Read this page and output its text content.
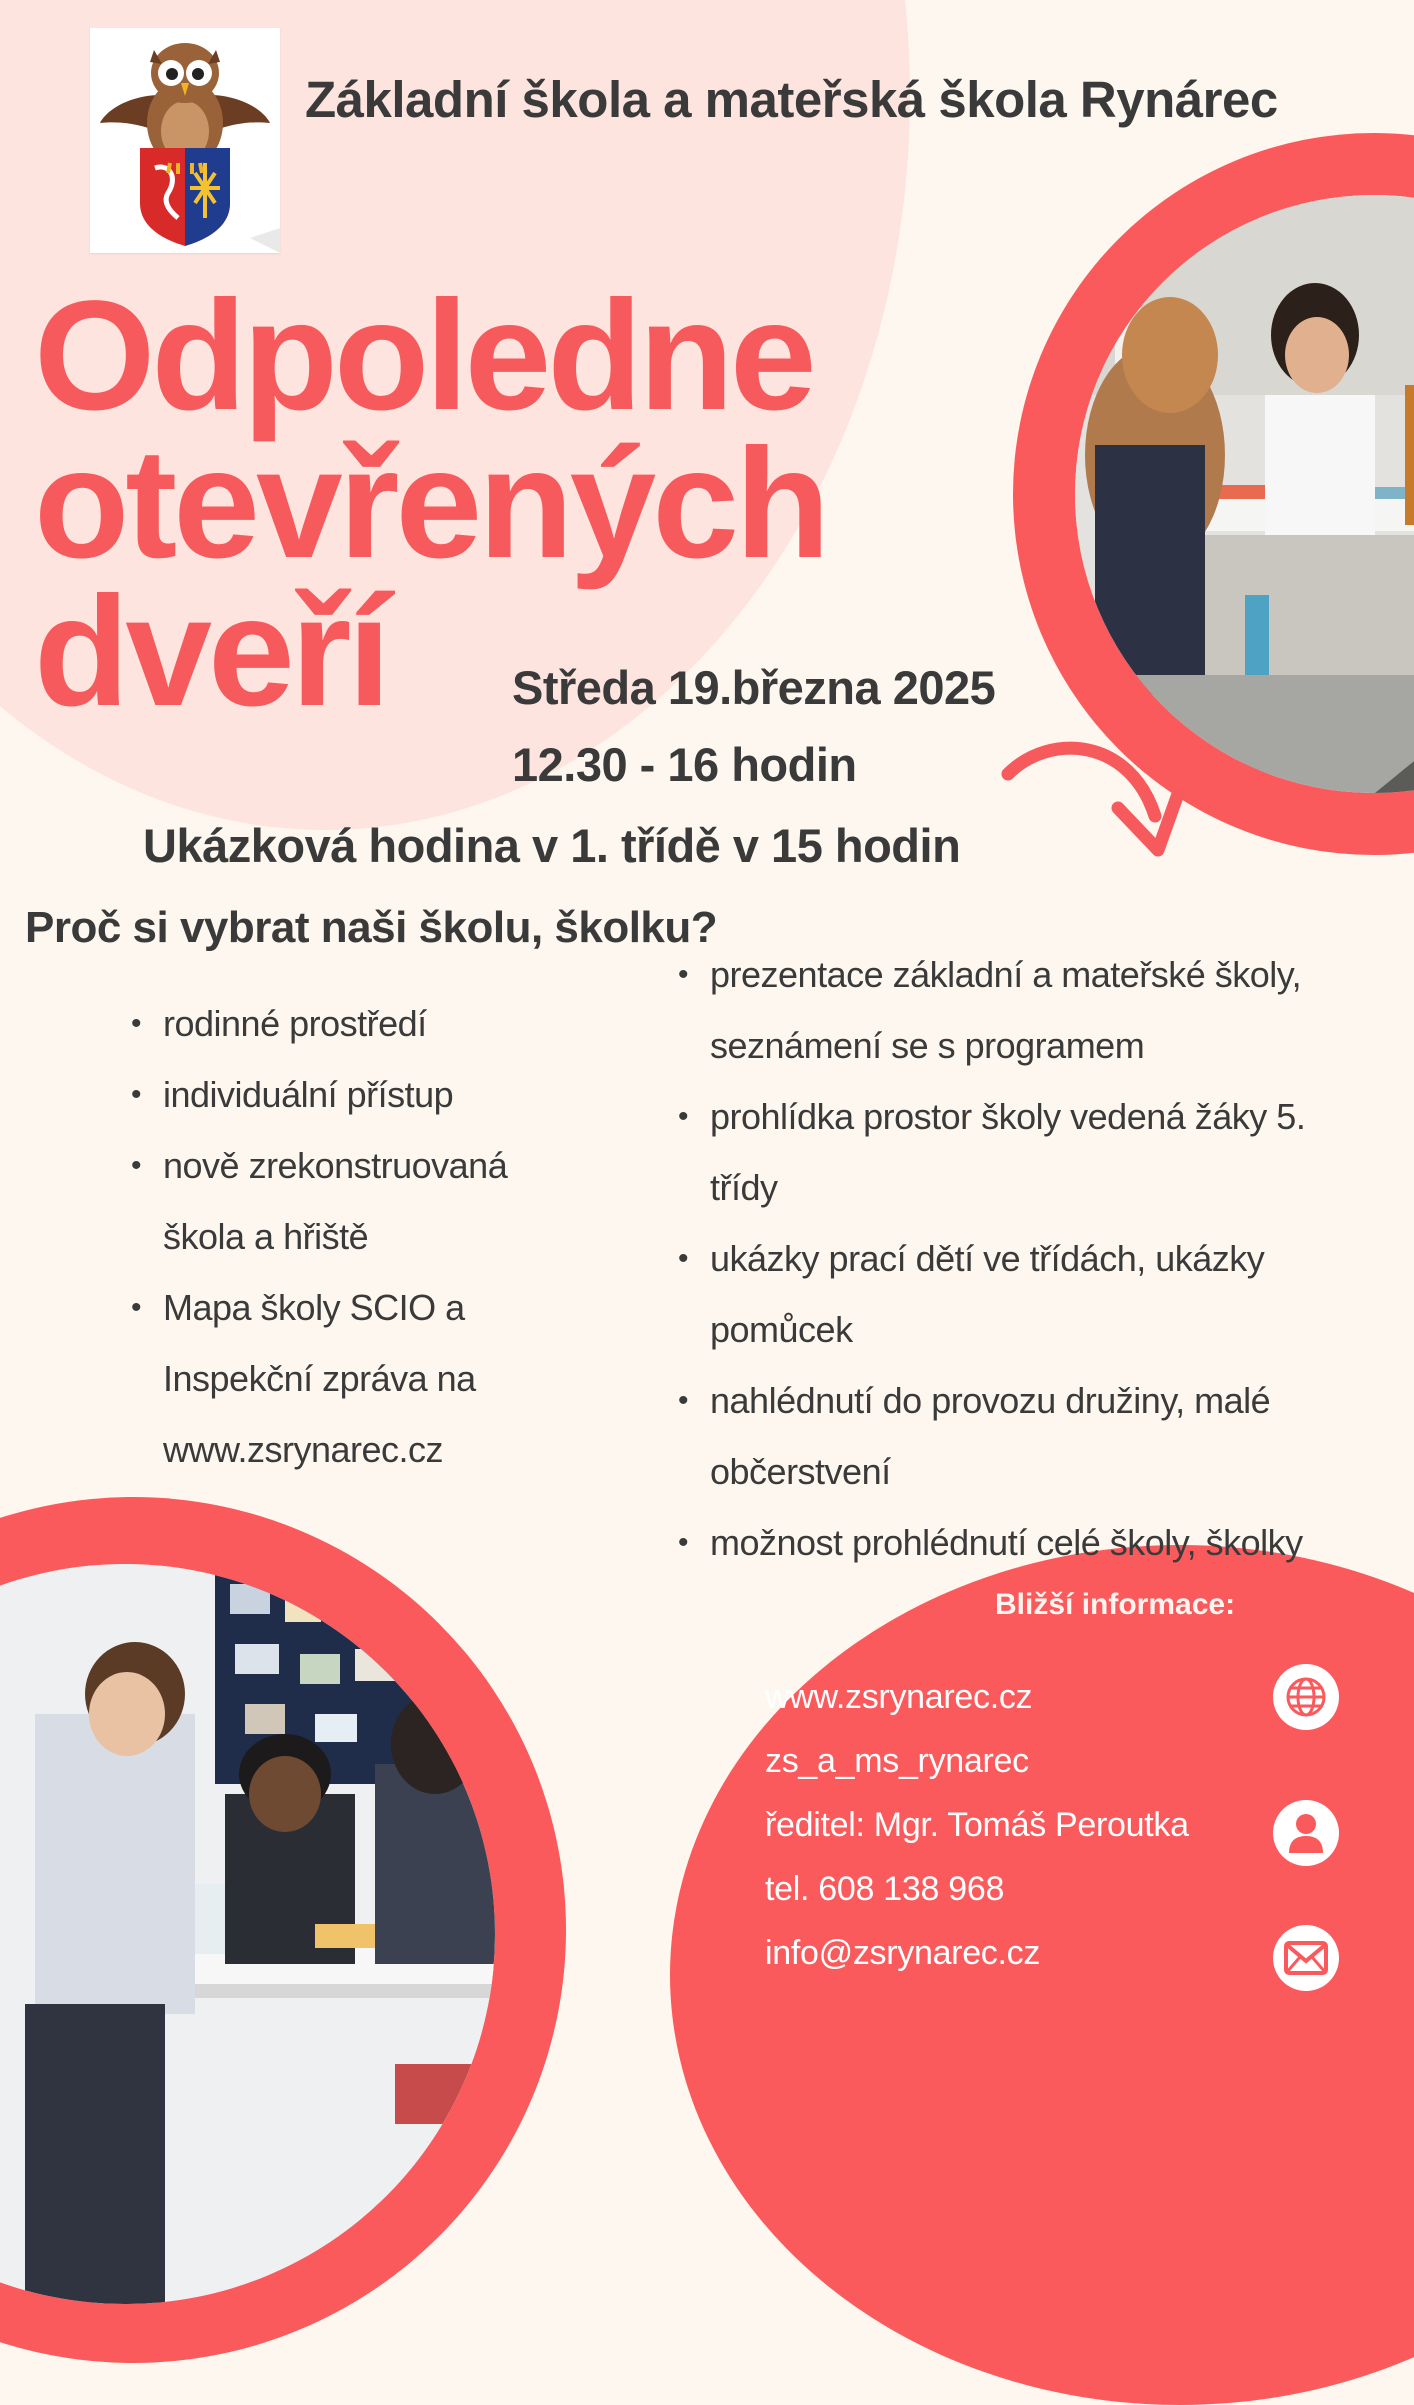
Základní škola a mateřská škola Rynárec
Odpoledne
otevřených
dveří	Středa 19.března 2025
12.30 - 16 hodin
Ukázková hodina v 1. třídě v 15 hodin
Proč si vybrat naši školu, školku?
• rodinné prostředí
• individuální přístup
• nově zrekonstruovaná škola a hřiště
• Mapa školy SCIO a Inspekční zpráva na www.zsrynarec.cz
• prezentace základní a mateřské školy, seznámení se s programem
• prohlídka prostor školy vedená žáky 5. třídy
• ukázky prací dětí ve třídách, ukázky pomůcek
• nahlédnutí do provozu družiny, malé občerstvení
• možnost prohlédnutí celé školy, školky
Bližší informace:
www.zsrynarec.cz
zs_a_ms_rynarec
ředitel: Mgr. Tomáš Peroutka
tel. 608 138 968
info@zsrynarec.cz
